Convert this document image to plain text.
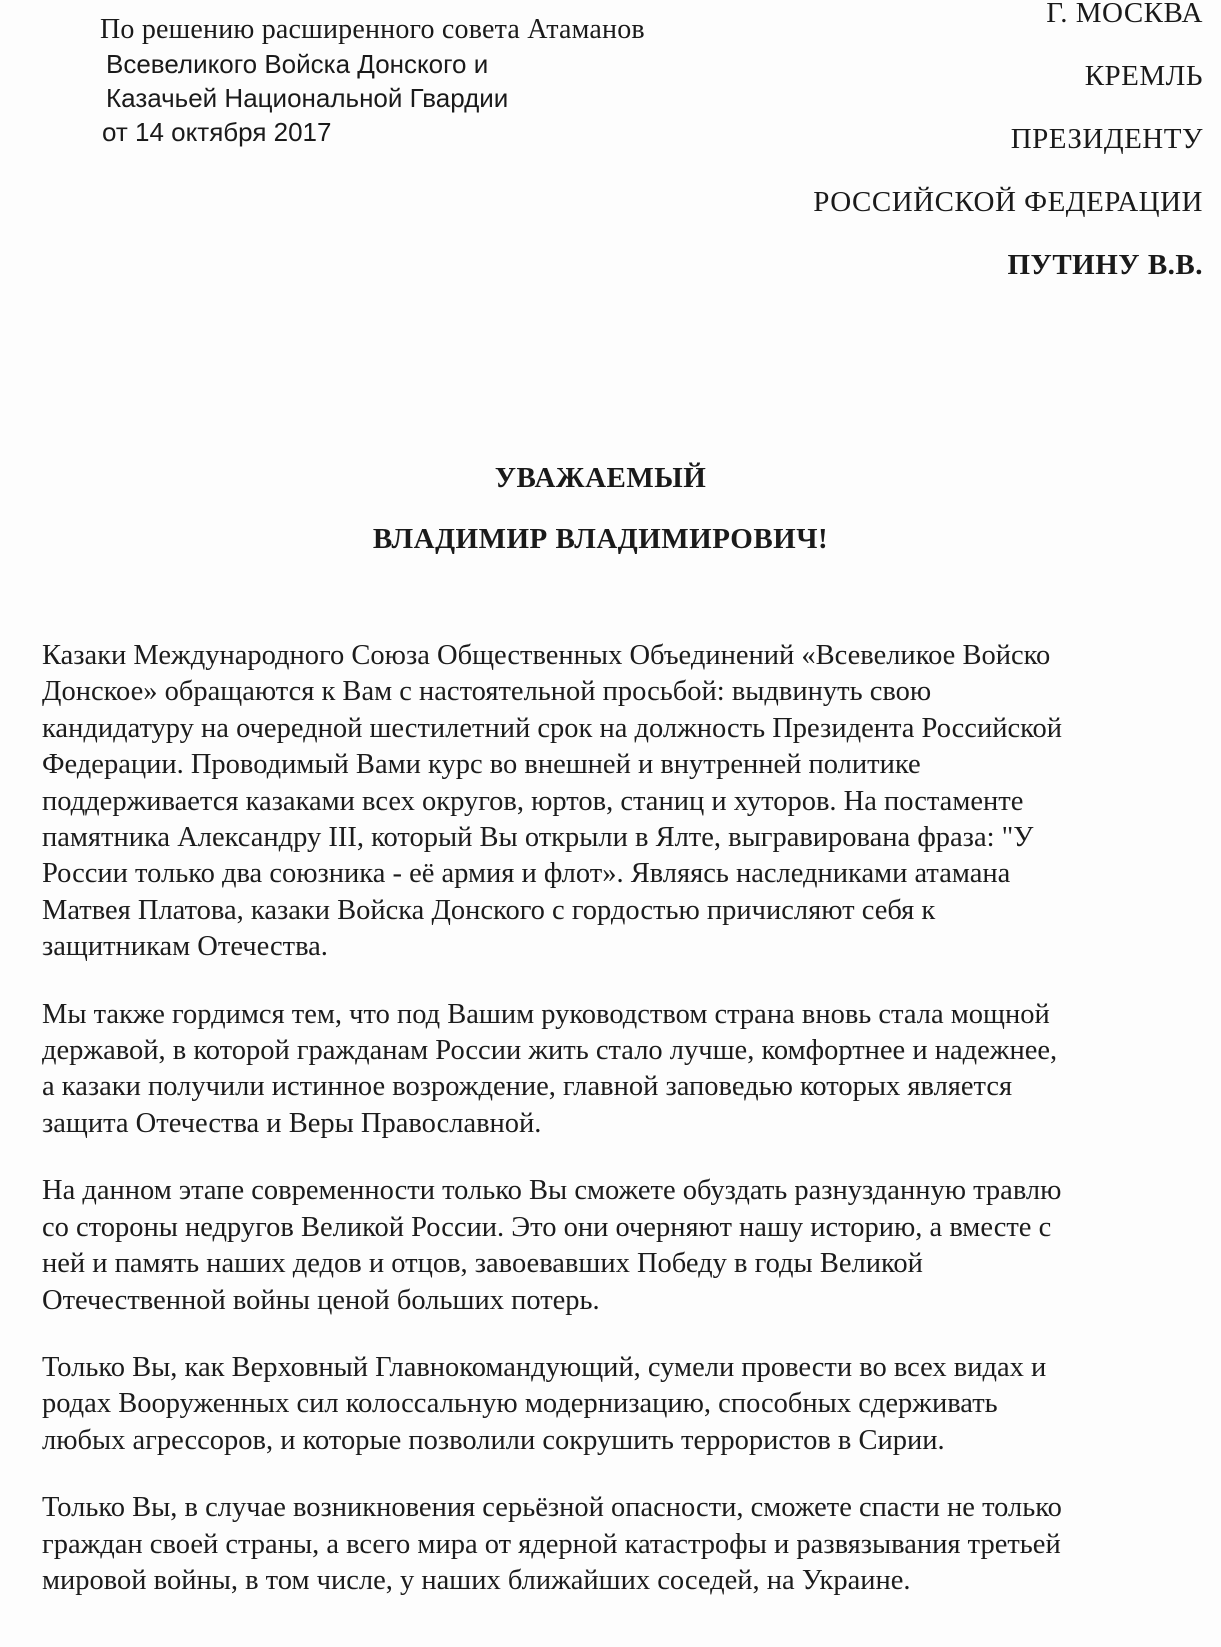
По решению расширенного совета Атаманов
Всевеликого Войска Донского и
Казачьей Национальной Гвардии
от 14 октября 2017
Г. МОСКВА
КРЕМЛЬ
ПРЕЗИДЕНТУ
РОССИЙСКОЙ ФЕДЕРАЦИИ
ПУТИНУ В.В.
УВАЖАЕМЫЙ
ВЛАДИМИР ВЛАДИМИРОВИЧ!

Казаки Международного Союза Общественных Объединений «Всевеликое Войско
Донское» обращаются к Вам с настоятельной просьбой: выдвинуть свою
кандидатуру на очередной шестилетний срок на должность Президента Российской
Федерации. Проводимый Вами курс во внешней и внутренней политике
поддерживается казаками всех округов, юртов, станиц и хуторов. На постаменте
памятника Александру III, который Вы открыли в Ялте, выгравирована фраза: "У
России только два союзника - её армия и флот». Являясь наследниками атамана
Матвея Платова, казаки Войска Донского с гордостью причисляют себя к
защитникам Отечества.

Мы также гордимся тем, что под Вашим руководством страна вновь стала мощной
державой, в которой гражданам России жить стало лучше, комфортнее и надежнее,
а казаки получили истинное возрождение, главной заповедью которых является
защита Отечества и Веры Православной.

На данном этапе современности только Вы сможете обуздать разнузданную травлю
со стороны недругов Великой России. Это они очерняют нашу историю, а вместе с
ней и память наших дедов и отцов, завоевавших Победу в годы Великой
Отечественной войны ценой больших потерь.

Только Вы, как Верховный Главнокомандующий, сумели провести во всех видах и
родах Вооруженных сил колоссальную модернизацию, способных сдерживать
любых агрессоров, и которые позволили сокрушить террористов в Сирии.

Только Вы, в случае возникновения серьёзной опасности, сможете спасти не только
граждан своей страны, а всего мира от ядерной катастрофы и развязывания третьей
мировой войны, в том числе, у наших ближайших соседей, на Украине.
